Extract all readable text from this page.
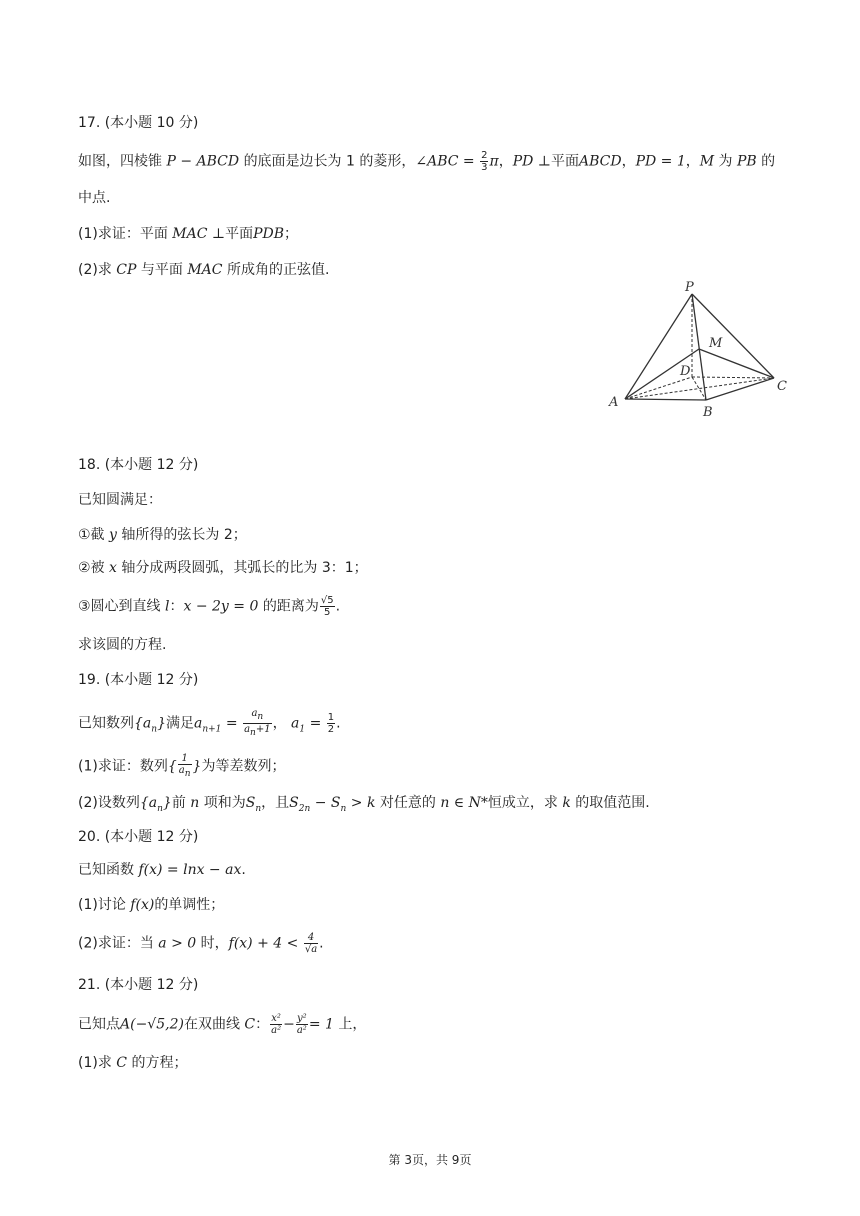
17. (本小题 10 分)
如图，四棱锥 P − ABCD 的底面是边长为 1 的菱形，∠ABC = $\frac{2}{3}$ π，PD ⊥平面ABCD，PD = 1，M 为 PB 的
中点.
(1)求证：平面 MAC ⊥平面PDB；
(2)求 CP 与平面 MAC 所成角的正弦值.
P
M
D
A
B
C
18. (本小题 12 分)
已知圆满足：
①截 y 轴所得的弦长为 2；
②被 x 轴分成两段圆弧，其弧长的比为 3：1；
③圆心到直线 l：x − 2y = 0 的距离为 $\frac{√5}{5}$ .
求该圆的方程.
19. (本小题 12 分)
已知数列$\{a_n\}$满足$a_{n+1} = \frac{a_n}{a_n+1}$ ， $a_1 = \frac{1}{2}$ .
(1)求证：数列{ $\frac{1}{a_n}$ }为等差数列；
(2)设数列$\{a_n\}$前 n 项和为$S_n$，且$S_{2n} - S_n > k$ 对任意的 n ∈ N*恒成立，求 k 的取值范围.
20. (本小题 12 分)
已知函数 f(x) = lnx − ax.
(1)讨论 f(x)的单调性；
(2)求证：当 a > 0 时，$f(x) + 4 < \frac{4}{√a}$ .
21. (本小题 12 分)
已知点A(−√5,2)在双曲线 C： $\frac{\text{x²}}{\text{a²}} - \frac{\text{y²}}{\text{a²}} = 1$ 上，
(1)求 C 的方程；
第 3页，共 9页
